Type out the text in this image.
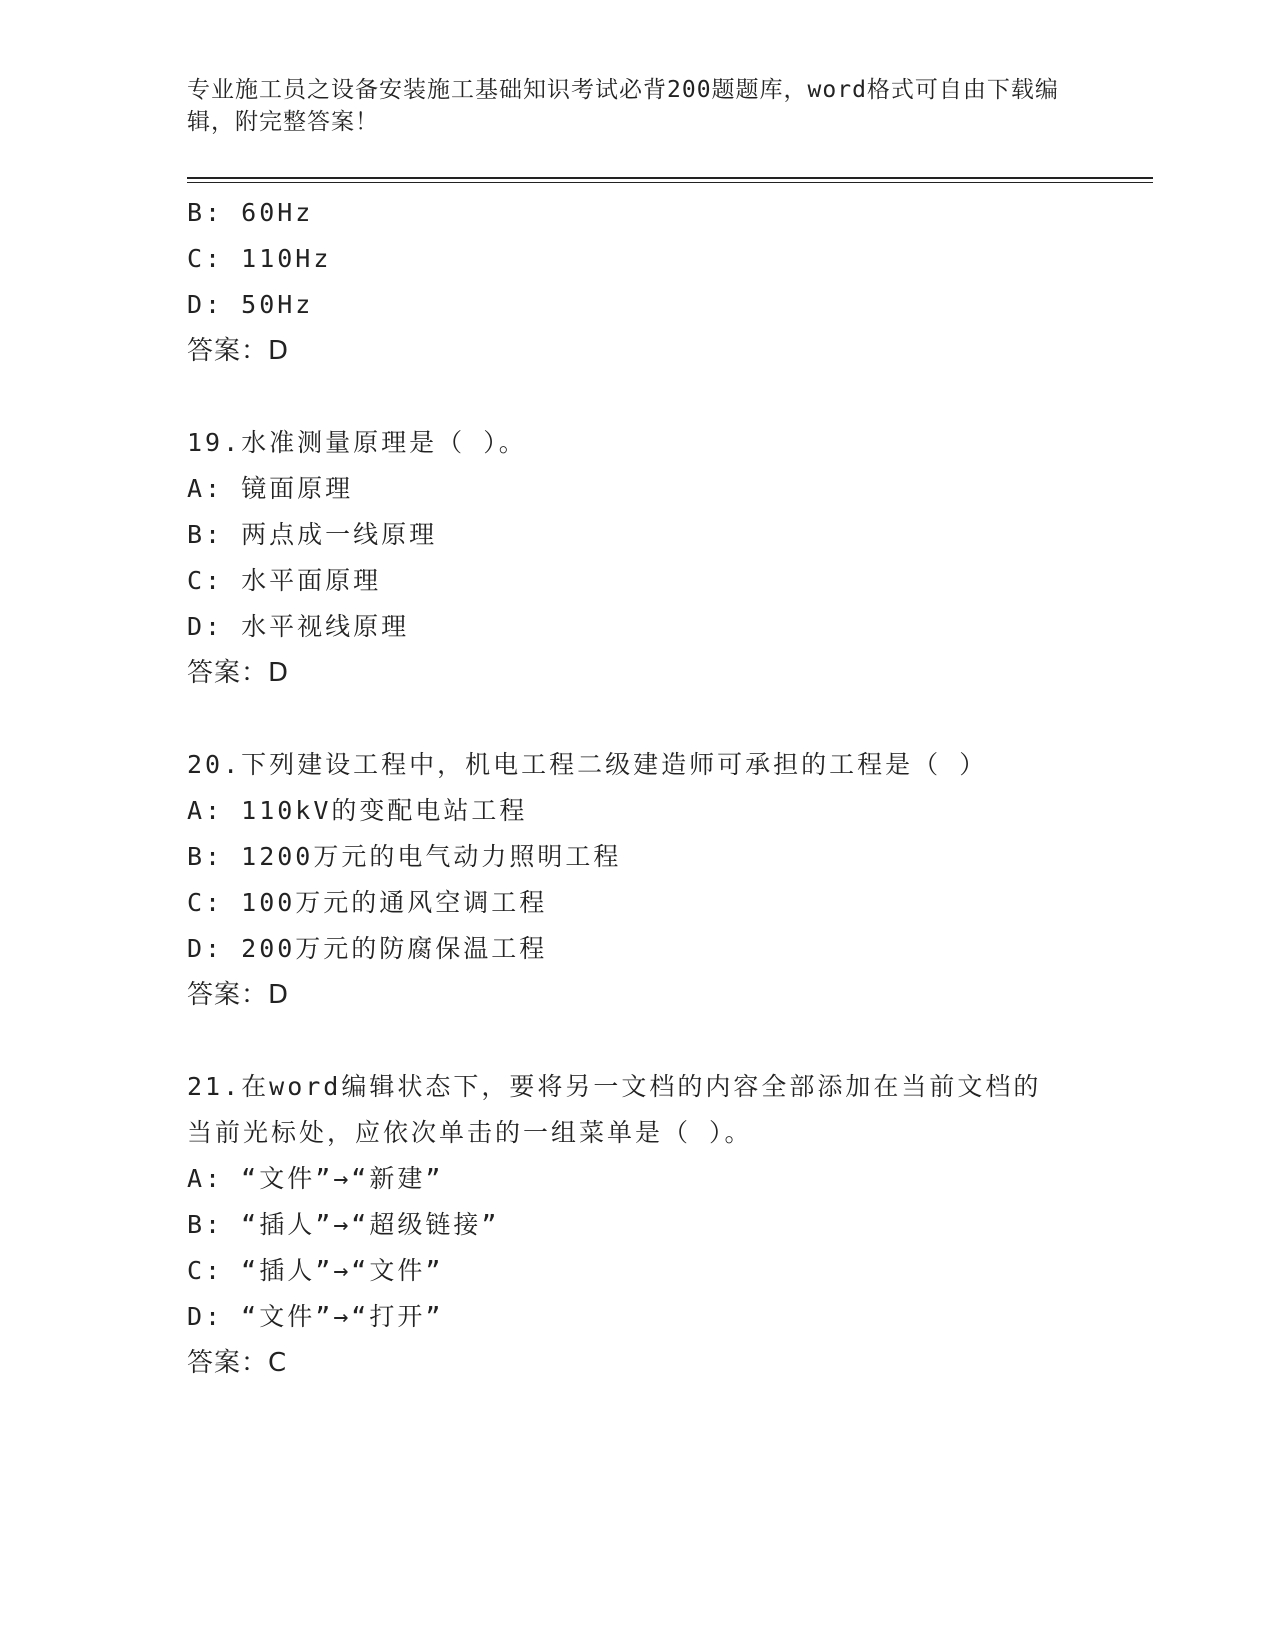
专业施工员之设备安装施工基础知识考试必背200题题库，word格式可自由下载编辑，附完整答案！
B: 60Hz
C: 110Hz
D: 50Hz
答案：D
19.水准测量原理是（ ）。
A: 镜面原理
B: 两点成一线原理
C: 水平面原理
D: 水平视线原理
答案：D
20.下列建设工程中，机电工程二级建造师可承担的工程是（ ）
A: 110kV的变配电站工程
B: 1200万元的电气动力照明工程
C: 100万元的通风空调工程
D: 200万元的防腐保温工程
答案：D
21.在word编辑状态下，要将另一文档的内容全部添加在当前文档的当前光标处，应依次单击的一组菜单是（ ）。
A: “文件”→“新建”
B: “插人”→“超级链接”
C: “插人”→“文件”
D: “文件”→“打开”
答案：C
